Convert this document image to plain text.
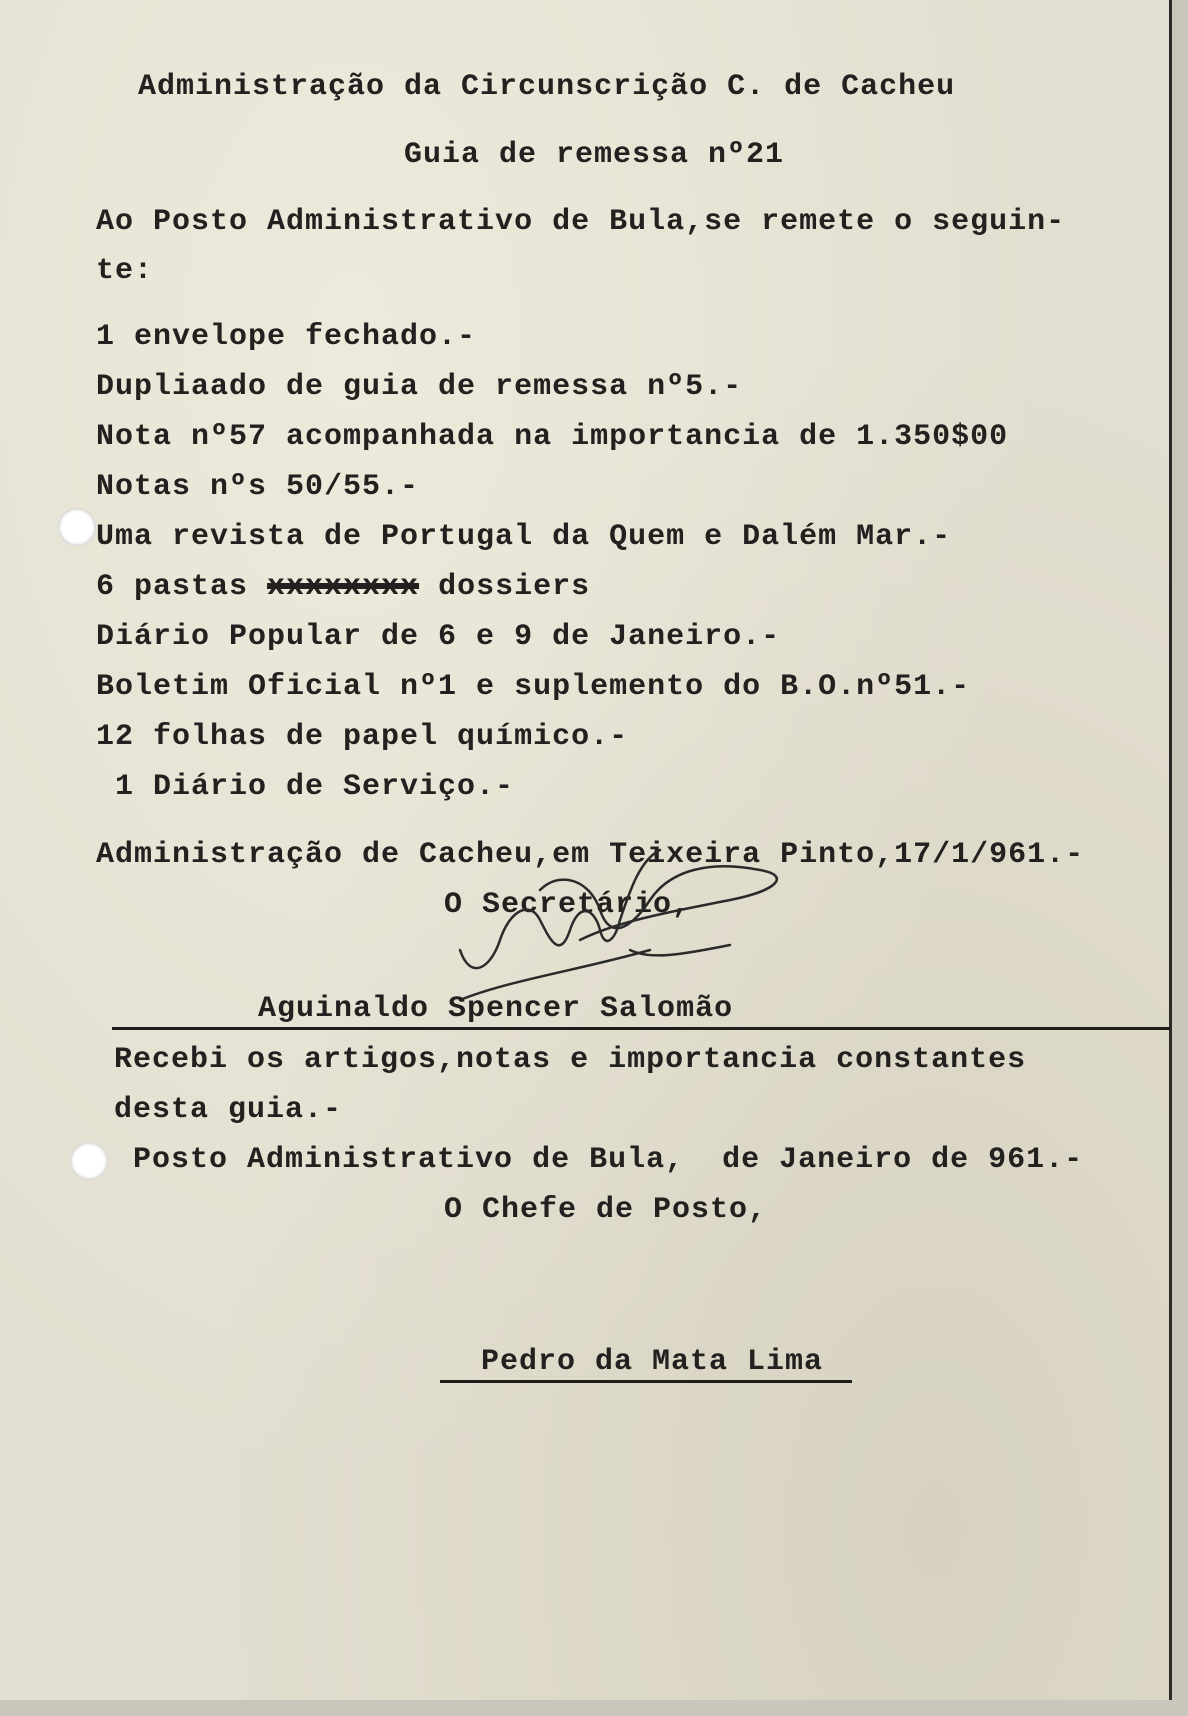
Administração da Circunscrição C. de Cacheu
Guia de remessa nº21
Ao Posto Administrativo de Bula,se remete o seguin-
te:
1 envelope fechado.-
Dupliaado de guia de remessa nº5.-
Nota nº57 acompanhada na importancia de 1.350$00
Notas nºs 50/55.-
Uma revista de Portugal da Quem e Dalém Mar.-
6 pastas xxxxxxxx dossiers
Diário Popular de 6 e 9 de Janeiro.-
Boletim Oficial nº1 e suplemento do B.O.nº51.-
12 folhas de papel químico.-
1 Diário de Serviço.-
Administração de Cacheu,em Teixeira Pinto,17/1/961.-
O Secretário,
Aguinaldo Spencer Salomão
Recebi os artigos,notas e importancia constantes
desta guia.-
Posto Administrativo de Bula,  de Janeiro de 961.-
O Chefe de Posto,
Pedro da Mata Lima
